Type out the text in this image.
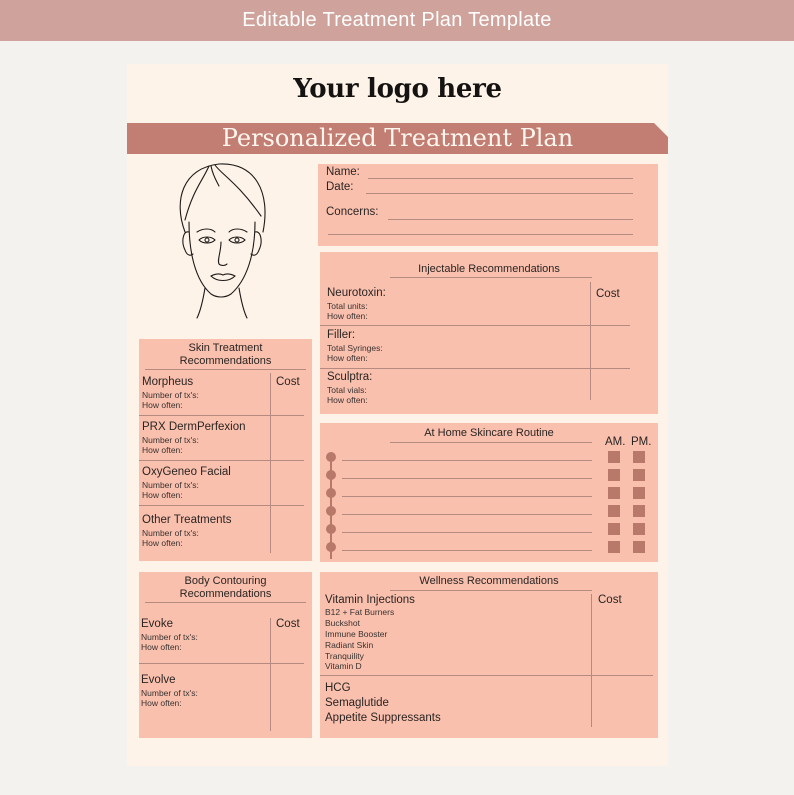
Editable Treatment Plan Template
Your logo here
Personalized Treatment Plan
Name:
Date:
Concerns:
Injectable Recommendations
Cost
Neurotoxin:
Total units:
How often:
Filler:
Total Syringes:
How often:
Sculptra:
Total vials:
How often:
Skin Treatment
Recommendations
Cost
Morpheus
Number of tx's:
How often:
PRX DermPerfexion
Number of tx's:
How often:
OxyGeneo Facial
Number of tx's:
How often:
Other Treatments
Number of tx's:
How often:
At Home Skincare Routine
AM. PM.
Body Contouring
Recommendations
Cost
Evoke
Number of tx's:
How often:
Evolve
Number of tx's:
How often:
Wellness Recommendations
Cost
Vitamin Injections
B12 + Fat Burners
Buckshot
Immune Booster
Radiant Skin
Tranquility
Vitamin D
HCG
Semaglutide
Appetite Suppressants
